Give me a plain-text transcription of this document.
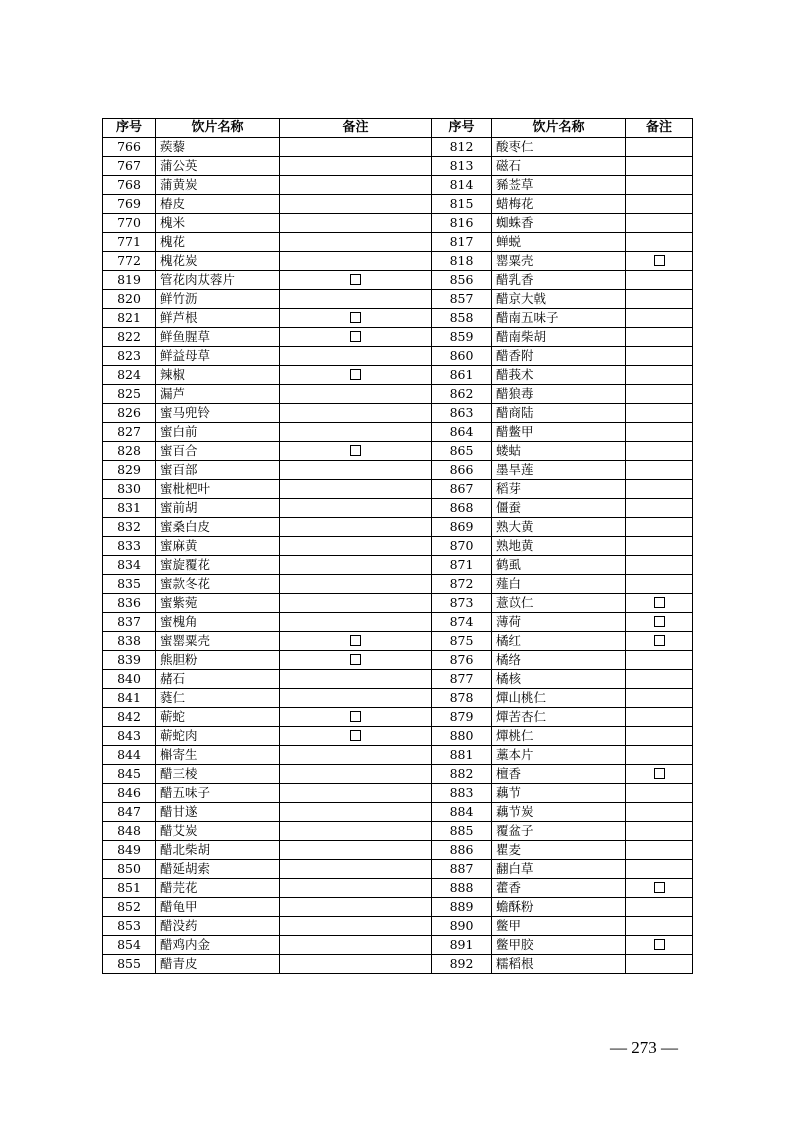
序号	饮片名称	备注	序号	饮片名称	备注
766	蒺藜		812	酸枣仁	
767	蒲公英		813	磁石	
768	蒲黄炭		814	豨莶草	
769	椿皮		815	蜡梅花	
770	槐米		816	蜘蛛香	
771	槐花		817	蝉蜕	
772	槐花炭		818	罂粟壳	
819	管花肉苁蓉片		856	醋乳香	
820	鲜竹沥		857	醋京大戟	
821	鲜芦根		858	醋南五味子	
822	鲜鱼腥草		859	醋南柴胡	
823	鲜益母草		860	醋香附	
824	辣椒		861	醋莪术	
825	漏芦		862	醋狼毒	
826	蜜马兜铃		863	醋商陆	
827	蜜白前		864	醋鳖甲	
828	蜜百合		865	蝼蛄	
829	蜜百部		866	墨旱莲	
830	蜜枇杷叶		867	稻芽	
831	蜜前胡		868	僵蚕	
832	蜜桑白皮		869	熟大黄	
833	蜜麻黄		870	熟地黄	
834	蜜旋覆花		871	鹤虱	
835	蜜款冬花		872	薤白	
836	蜜紫菀		873	薏苡仁	
837	蜜槐角		874	薄荷	
838	蜜罂粟壳		875	橘红	
839	熊胆粉		876	橘络	
840	赭石		877	橘核	
841	蕤仁		878	燀山桃仁	
842	蕲蛇		879	燀苦杏仁	
843	蕲蛇肉		880	燀桃仁	
844	槲寄生		881	藁本片	
845	醋三棱		882	檀香	
846	醋五味子		883	藕节	
847	醋甘遂		884	藕节炭	
848	醋艾炭		885	覆盆子	
849	醋北柴胡		886	瞿麦	
850	醋延胡索		887	翻白草	
851	醋芫花		888	藿香	
852	醋龟甲		889	蟾酥粉	
853	醋没药		890	鳖甲	
854	醋鸡内金		891	鳖甲胶	
855	醋青皮		892	糯稻根	
— 273 —
